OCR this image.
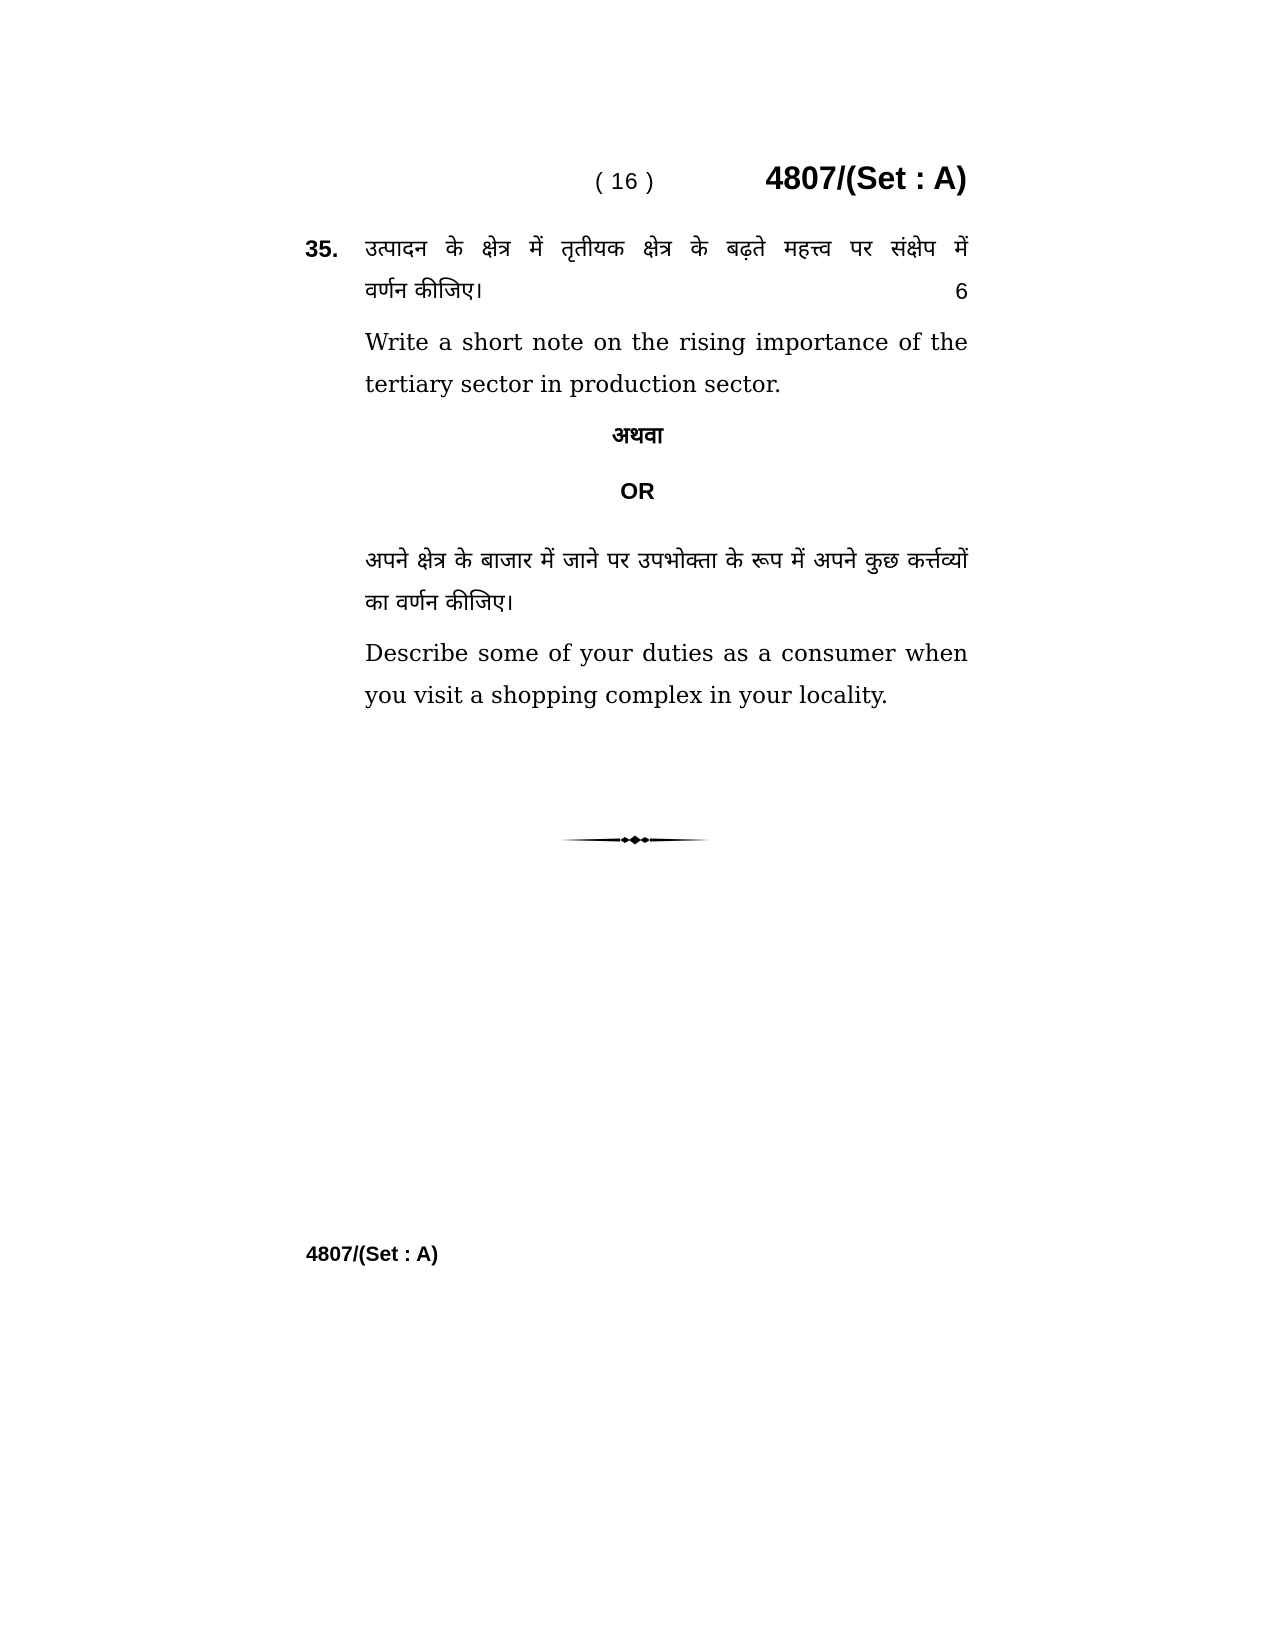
( 16 )	4807/(Set : A)
35. उत्पादन के क्षेत्र में तृतीयक क्षेत्र के बढ़ते महत्त्व पर संक्षेप में
वर्णन कीजिए।	6
Write a short note on the rising importance of the tertiary sector in production sector.
अथवा
OR
अपने क्षेत्र के बाजार में जाने पर उपभोक्ता के रूप में अपने कुछ कर्त्तव्यों का वर्णन कीजिए।
Describe some of your duties as a consumer when you visit a shopping complex in your locality.
4807/(Set : A)
